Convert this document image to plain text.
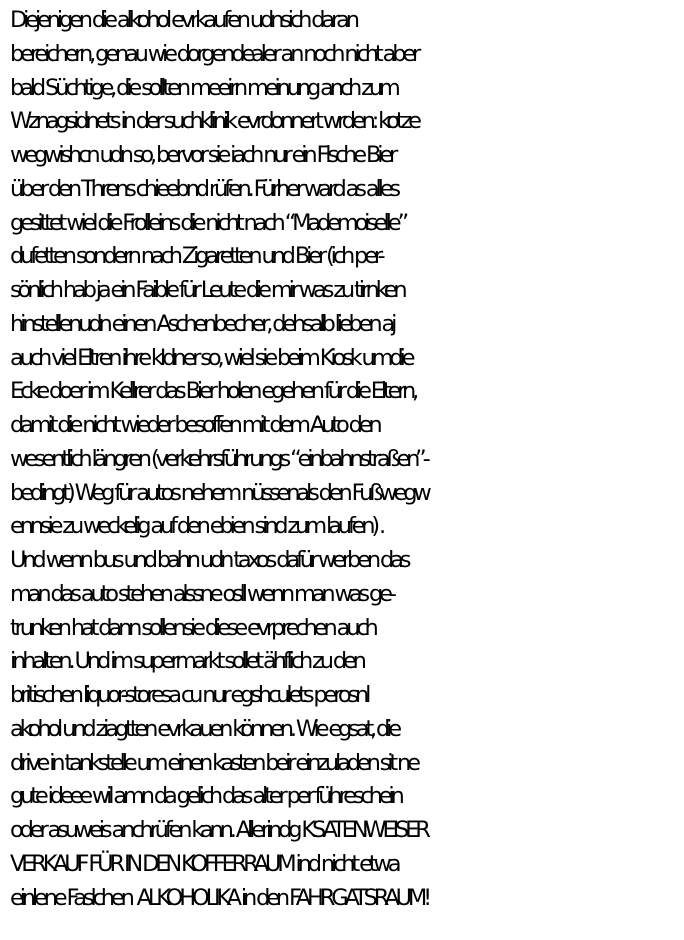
Diejenigen die alkohol evrkaufen udnsich daran
bereichern, genau wie dorgendealer an noch nicht aber
bald Süchtige, die sollten meeirn meinung anch zum
Wznagsidnets in der suchklinik evrdonnert wrden: kotze
wegwishcn udn so, bervor sie iach nur ein Flsche Bier
über den Threns chieebnd rüfen. Fürher ward as alles
gesittet wiel die Frolleins die nicht nach “Mademoiselle”
dufetten sondern nach Zigaretten und Bier (ich per-
sönlich hab ja ein Faible für Leute die mir was zu tirnken
hinstellenudn einen Aschenbecher, dehsalb lieben aj
auch viel Eltren ihre kIdner so, wiel sie beim Kiosk umdie
Ecke doer im Kellrer das Bier holen egehen für die Eltern,
damit die nicht wieder besoffen mit dem Auto den
wesentlich längren (verkehrsführungs “einbahnstraßen”-
bedingt) Weg für autos nehem nüssenals den Fußwegw
ennsie zu weckelig auf den ebien sind zum laufen) .
Und wenn bus und bahn udn taxos dafür werben das
man das auto stehen alssne osll wenn man was ge-
trunken hat dann sollensie diese evrprechen auch
inhalten. Und im supermarkt sollet ähflich zu den
britischen liquor-storesa cu nur egshculets perosnl
akohol und ziagtten evrkauen können. Wie egsat, die
drive in tankstelle um einen kasten beir einzuladen sit ne
gute ideee wil amn da gelich das alter per führeschein
oder asuweis anchrüfen kann. Allerindg KSATENWEISER
VERKAUF FÜR IN DEN KOFFERRAUM ind nicht etwa
einlene Faslchen  ALKOHOLIKA in den FAHRGATSRAUM!
